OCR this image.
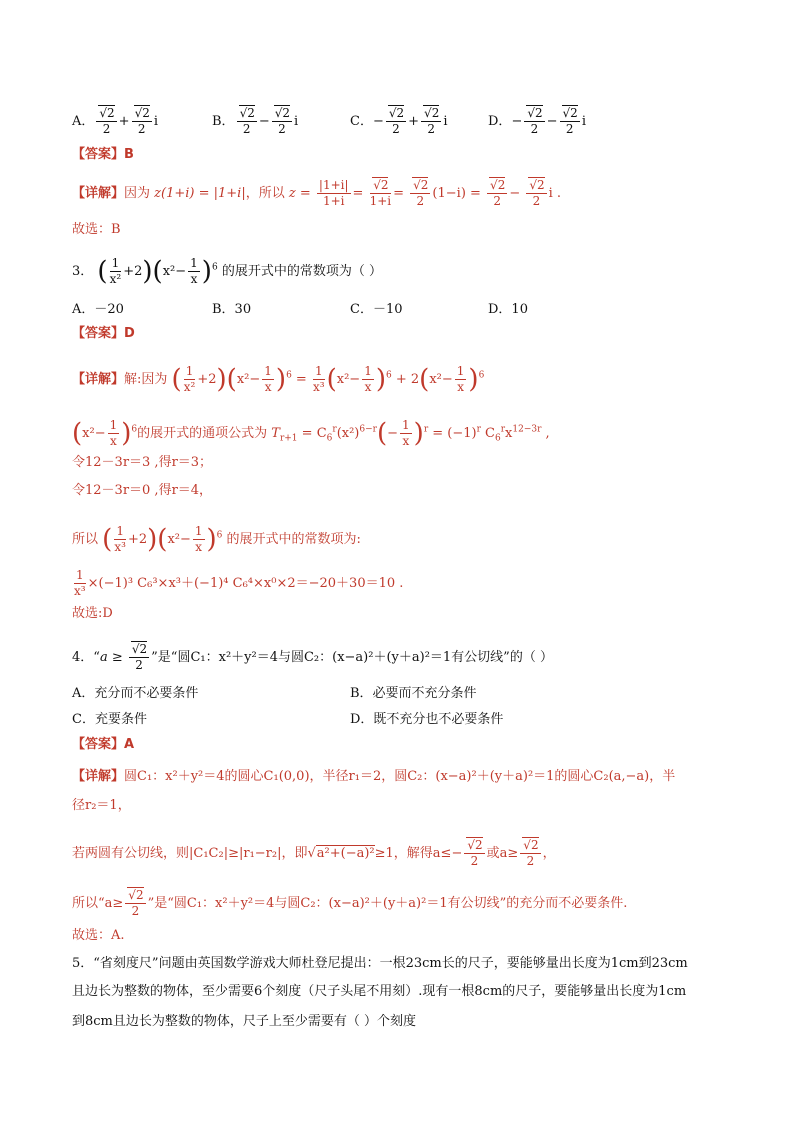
A． $\frac{√2}{2} + \frac{√2}{2}$ i	B． $\frac{√2}{2} - \frac{√2}{2}$ i	C．− $\frac{√2}{2} + \frac{√2}{2}$ i	D．− $\frac{√2}{2} - \frac{√2}{2}$ i
【答案】B
【详解】因为 z(1+i) = |1+i|，所以 $z = \frac{|1+i|}{1+i} = \frac{√2}{1+i} = \frac{√2}{2} (1-i) = \frac{√2}{2} - \frac{√2}{2}$ i .
故选：B
3． ( $\frac{1}{\text{x²}} +2)(x^2- \frac{1}{x} )^6$ 的展开式中的常数项为（ ）
A．－20	B．30	C．－10	D．10
【答案】D
【详解】解:因为 ( $\frac{1}{\text{x²}} +2)(x^2- \frac{1}{x} )^6 = \frac{1}{\text{x³}} (x^2- \frac{1}{x} )^6 + 2(x^2- \frac{1}{x} )^6$
$(x^2- \frac{1}{x} )^6$的展开式的通项公式为 $T_{r+1} = C_6^r(x^2)^{6-r}(- \frac{1}{x} )^r = (-1)^r$ $C_6^rx^{12-3r}$ ,
令12－3r＝3 ,得r＝3；
令12－3r＝0 ,得r＝4，
所以 ( $\frac{1}{\text{x³}} +2)(x^2- \frac{1}{x} )^6$ 的展开式中的常数项为:
$\frac{1}{\text{x³}} \times(-1)^3$ C₆³×x³＋(−1)⁴ C₆⁴×x⁰×2＝−20＋30＝10 .
故选:D
4．“$a \ge \frac{√2}{2}$ ”是“圆C₁：x²＋y²＝4与圆C₂：(x−a)²＋(y＋a)²＝1有公切线”的（ ）
A．充分而不必要条件	B．必要而不充分条件
C．充要条件	D．既不充分也不必要条件
【答案】A
【详解】圆C₁：x²＋y²＝4的圆心C₁(0,0)，半径r₁＝2，圆C₂：(x−a)²＋(y＋a)²＝1的圆心C₂(a,−a)，半
径r₂＝1，
若两圆有公切线，则|C₁C₂|≥|r₁−r₂|，即√a²+(−a)²≥1，解得$a\le- \frac{√2}{2}$ 或$a\ge \frac{√2}{2}$ ，
所以“$a\ge \frac{√2}{2}$ ”是“圆C₁：x²＋y²＝4与圆C₂：(x−a)²＋(y＋a)²＝1有公切线”的充分而不必要条件.
故选：A.
5．“省刻度尺”问题由英国数学游戏大师杜登尼提出：一根23cm长的尺子，要能够量出长度为1cm到23cm
且边长为整数的物体，至少需要6个刻度（尺子头尾不用刻）.现有一根8cm的尺子，要能够量出长度为1cm
到8cm且边长为整数的物体，尺子上至少需要有（ ）个刻度
